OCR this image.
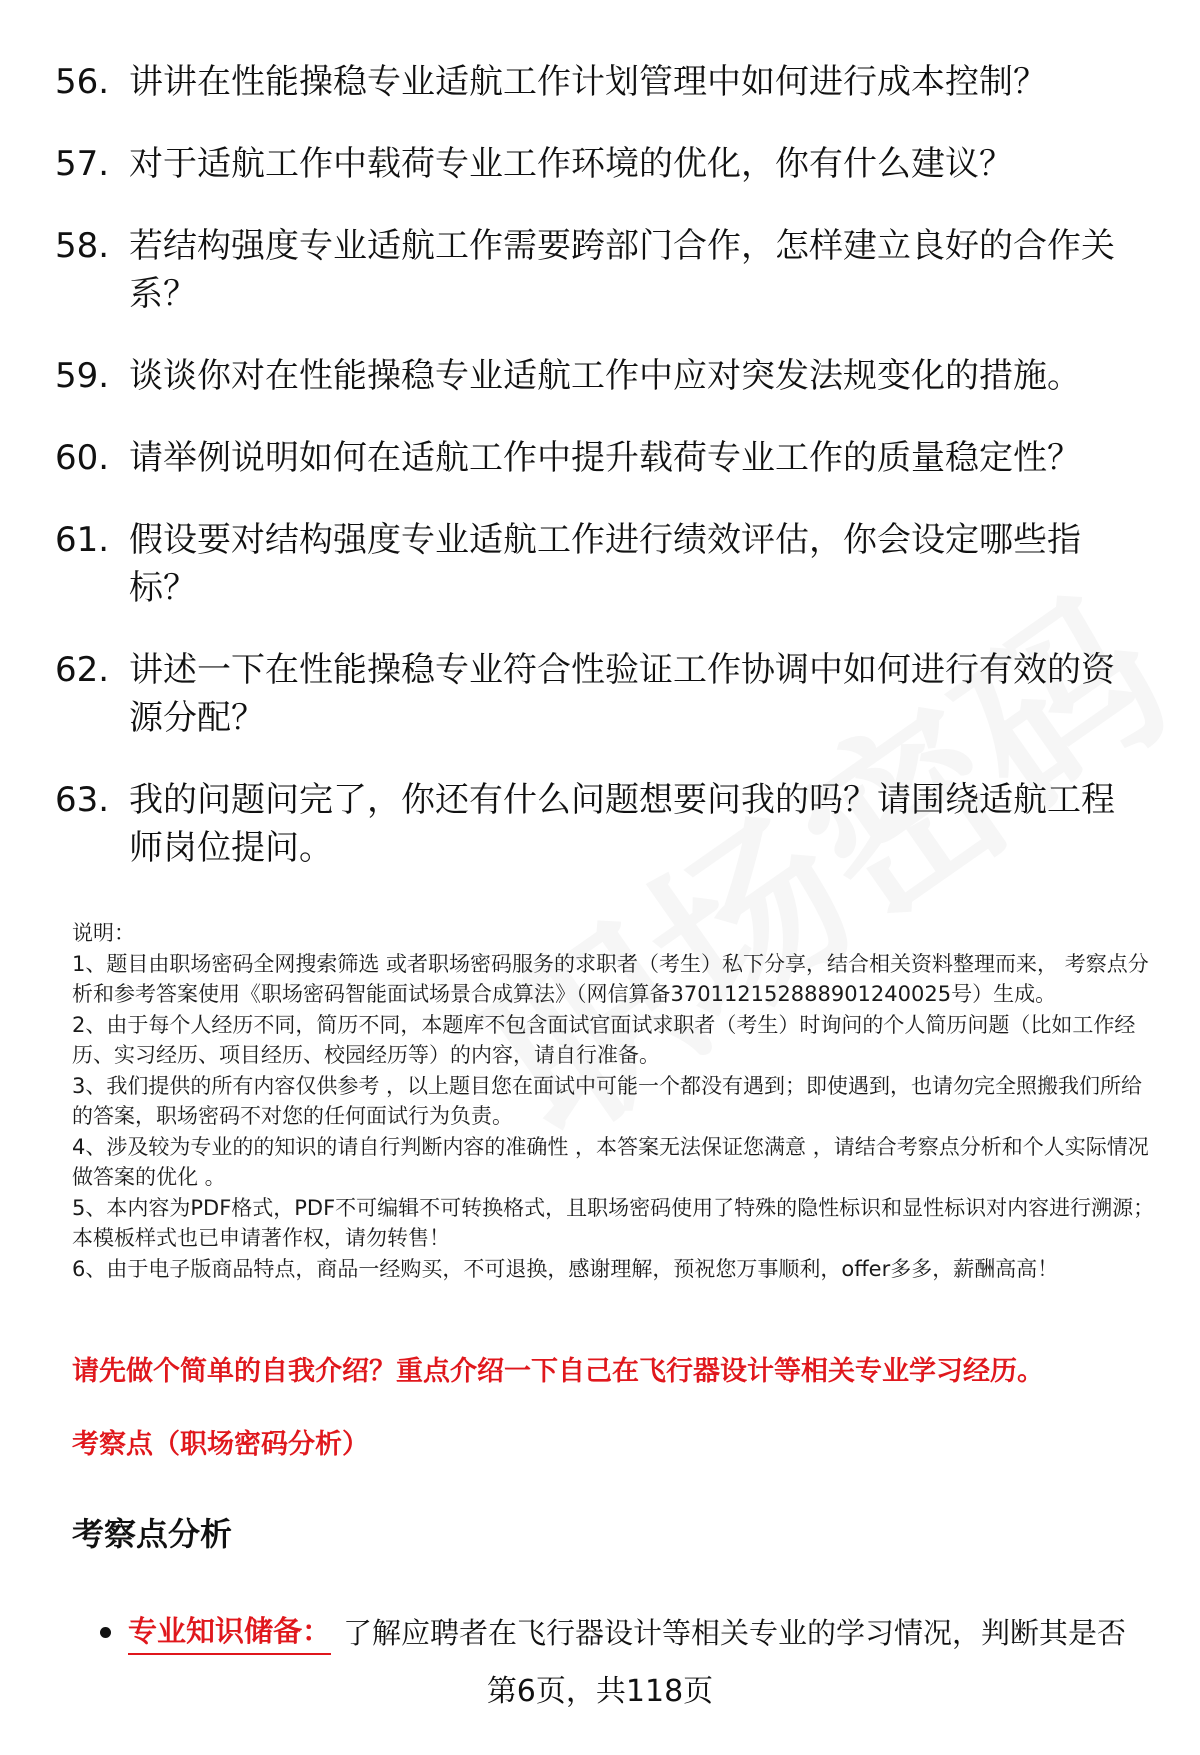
56. 讲讲在性能操稳专业适航工作计划管理中如何进行成本控制？
57. 对于适航工作中载荷专业工作环境的优化，你有什么建议？
58. 若结构强度专业适航工作需要跨部门合作，怎样建立良好的合作关系？
59. 谈谈你对在性能操稳专业适航工作中应对突发法规变化的措施。
60. 请举例说明如何在适航工作中提升载荷专业工作的质量稳定性？
61. 假设要对结构强度专业适航工作进行绩效评估，你会设定哪些指标？
62. 讲述一下在性能操稳专业符合性验证工作协调中如何进行有效的资源分配？
63. 我的问题问完了，你还有什么问题想要问我的吗？请围绕适航工程师岗位提问。

说明：

1、题目由职场密码全网搜索筛选 或者职场密码服务的求职者（考生）私下分享，结合相关资料整理而来， 考察点分析和参考答案使用《职场密码智能面试场景合成算法》（网信算备370112152888901240025号）生成。

2、由于每个人经历不同，简历不同，本题库不包含面试官面试求职者（考生）时询问的个人简历问题（比如工作经历、实习经历、项目经历、校园经历等）的内容，请自行准备。

3、我们提供的所有内容仅供参考 ，以上题目您在面试中可能一个都没有遇到；即使遇到，也请勿完全照搬我们所给的答案，职场密码不对您的任何面试行为负责。

4、涉及较为专业的的知识的请自行判断内容的准确性 ，本答案无法保证您满意 ，请结合考察点分析和个人实际情况做答案的优化 。

5、本内容为PDF格式，PDF不可编辑不可转换格式，且职场密码使用了特殊的隐性标识和显性标识对内容进行溯源；本模板样式也已申请著作权，请勿转售！

6、由于电子版商品特点，商品一经购买，不可退换，感谢理解，预祝您万事顺利，offer多多，薪酬高高！

请先做个简单的自我介绍？重点介绍一下自己在飞行器设计等相关专业学习经历。
考察点（职场密码分析）
考察点分析
专业知识储备： 了解应聘者在飞行器设计等相关专业的学习情况，判断其是否
第6页，共118页
